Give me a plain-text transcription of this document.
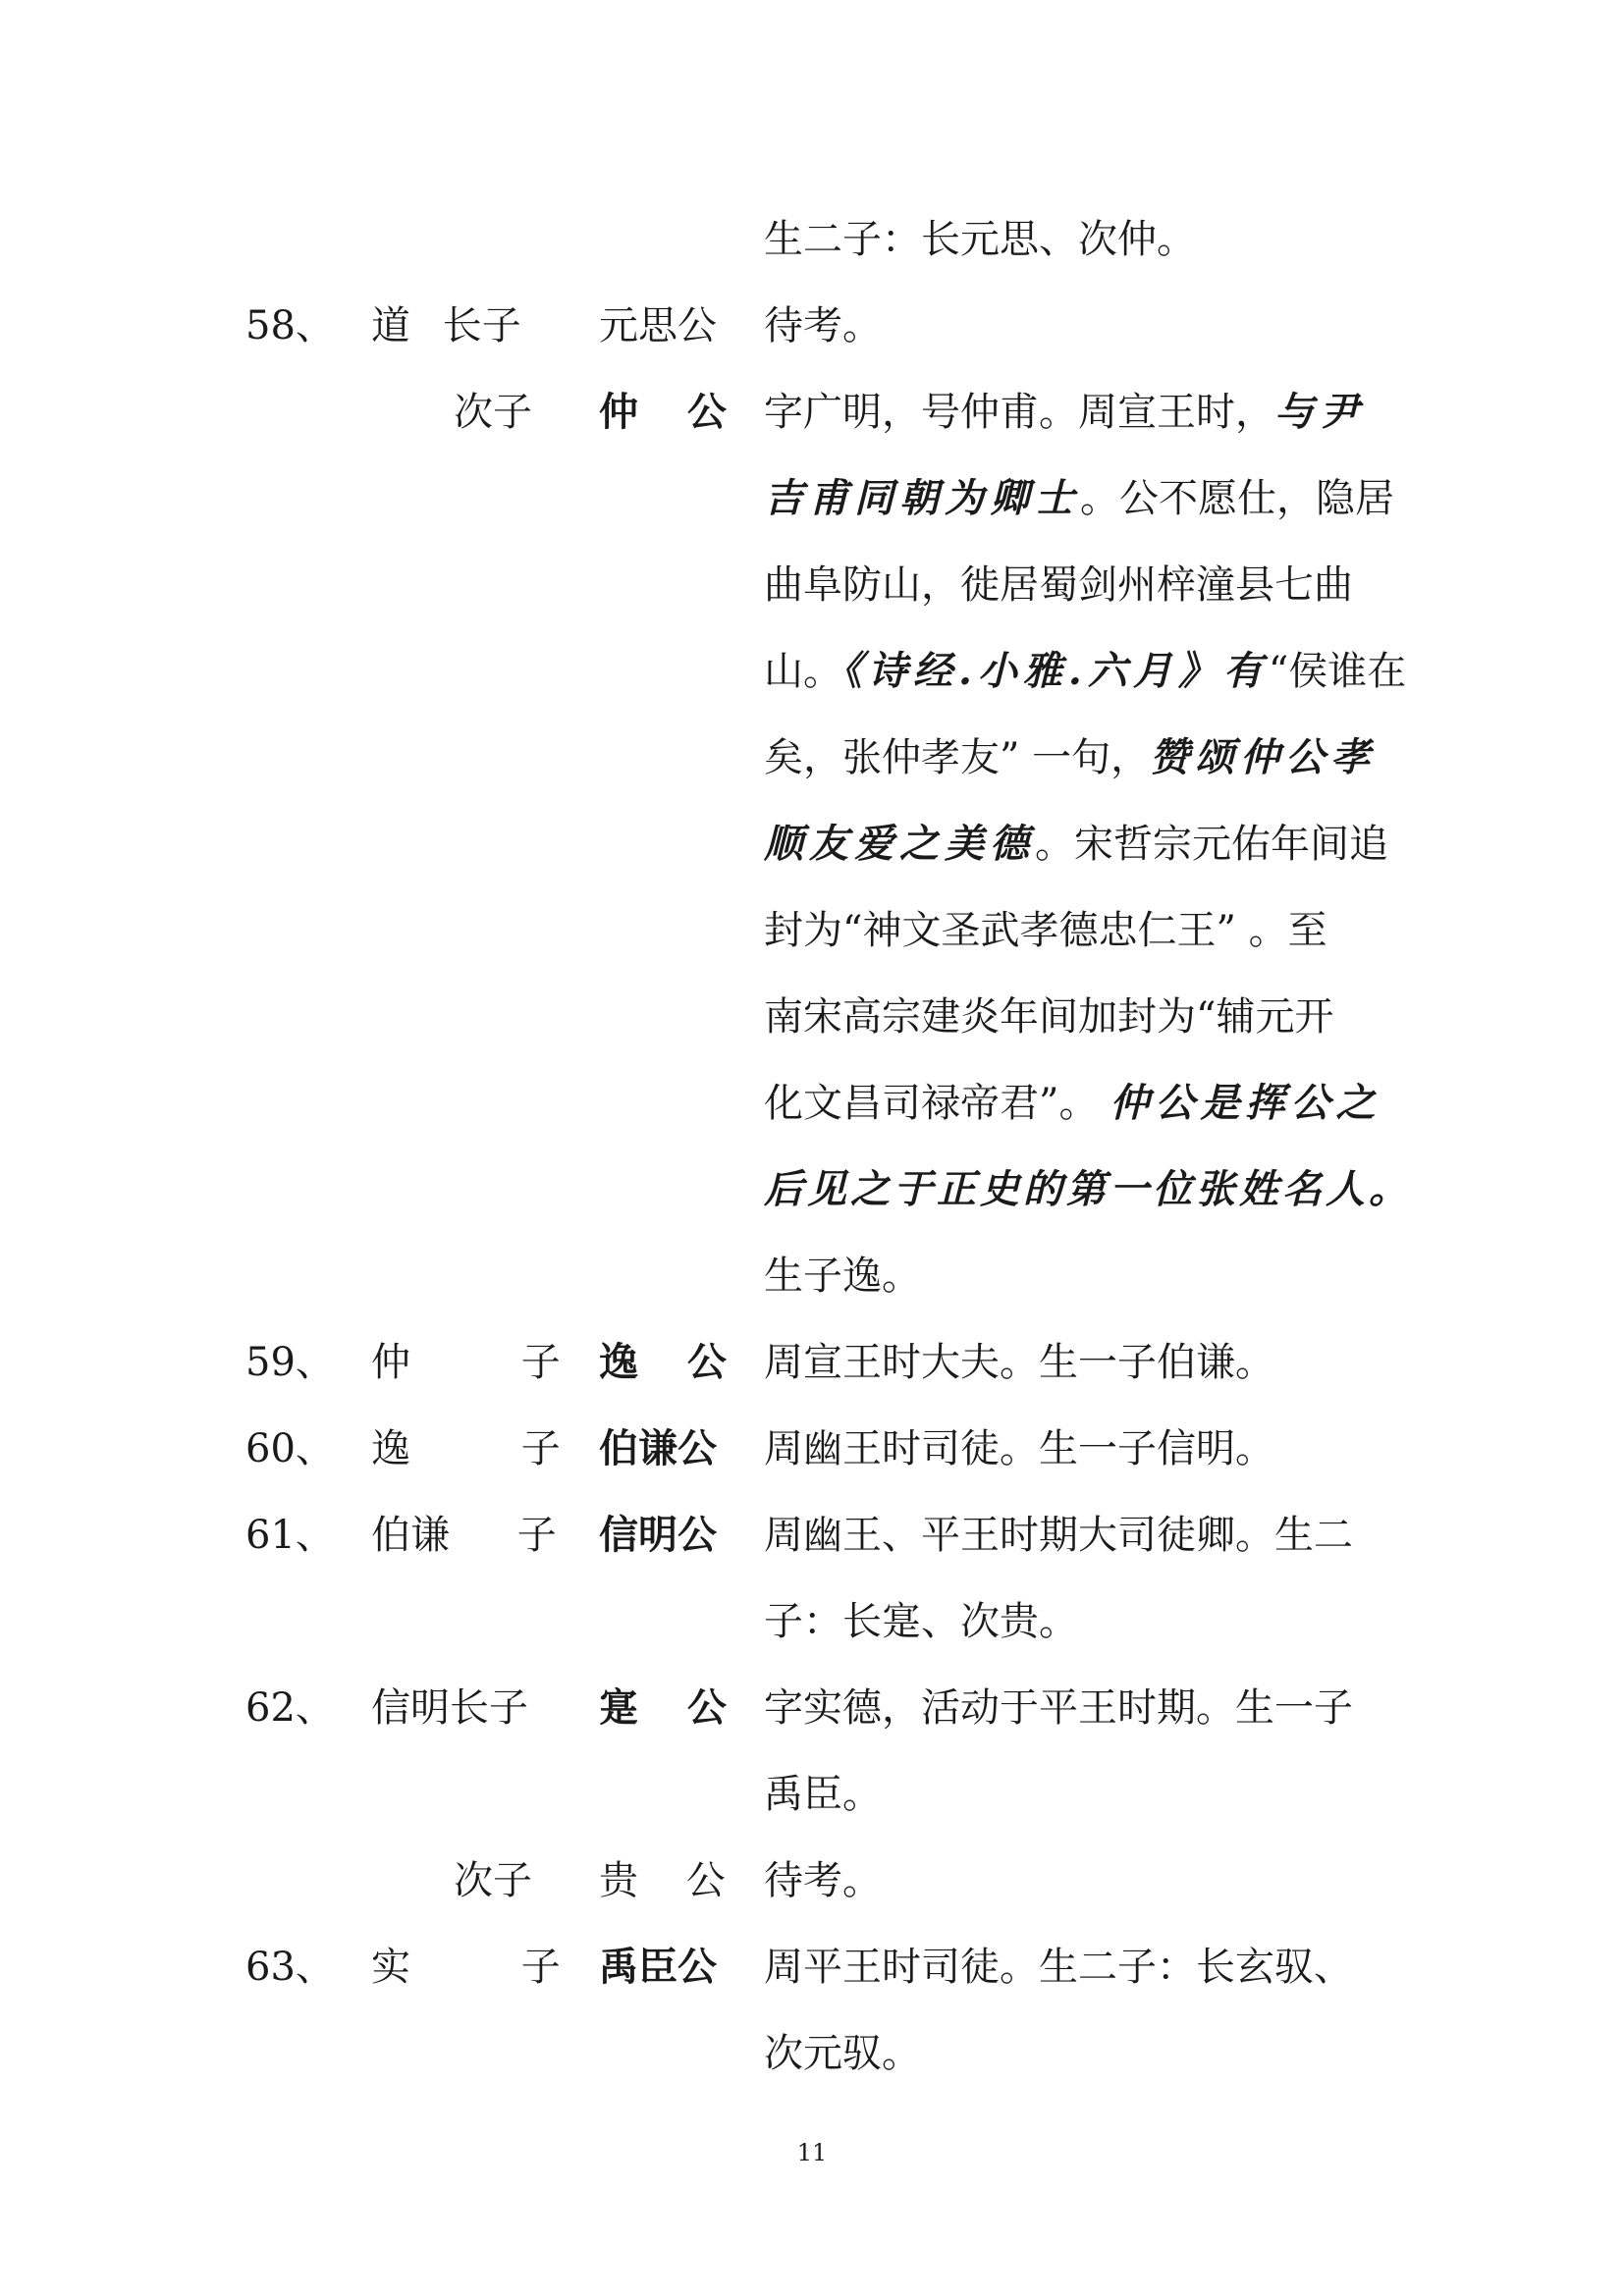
生二子：长元思、次仲。
58、 道 长子 元思公 待考。
次子 仲 公 字广明，号仲甫。周宣王时，与尹
吉甫同朝为卿士。公不愿仕，隐居
曲阜防山，徙居蜀剑州梓潼县七曲
山。《诗经.小雅.六月》有“侯谁在
矣，张仲孝友” 一句，赞颂仲公孝
顺友爱之美德。宋哲宗元佑年间追
封为“神文圣武孝德忠仁王” 。至
南宋高宗建炎年间加封为“辅元开
化文昌司禄帝君”。 仲公是挥公之
后见之于正史的第一位张姓名人。
生子逸。
59、 仲 子 逸 公 周宣王时大夫。生一子伯谦。
60、 逸 子 伯谦公 周幽王时司徒。生一子信明。
61、 伯谦 子 信明公 周幽王、平王时期大司徒卿。生二
子：长寔、次贵。
62、 信明长子 寔 公 字实德，活动于平王时期。生一子
禹臣。
次子 贵 公 待考。
63、 实 子 禹臣公 周平王时司徒。生二子：长玄驭、
次元驭。
11
